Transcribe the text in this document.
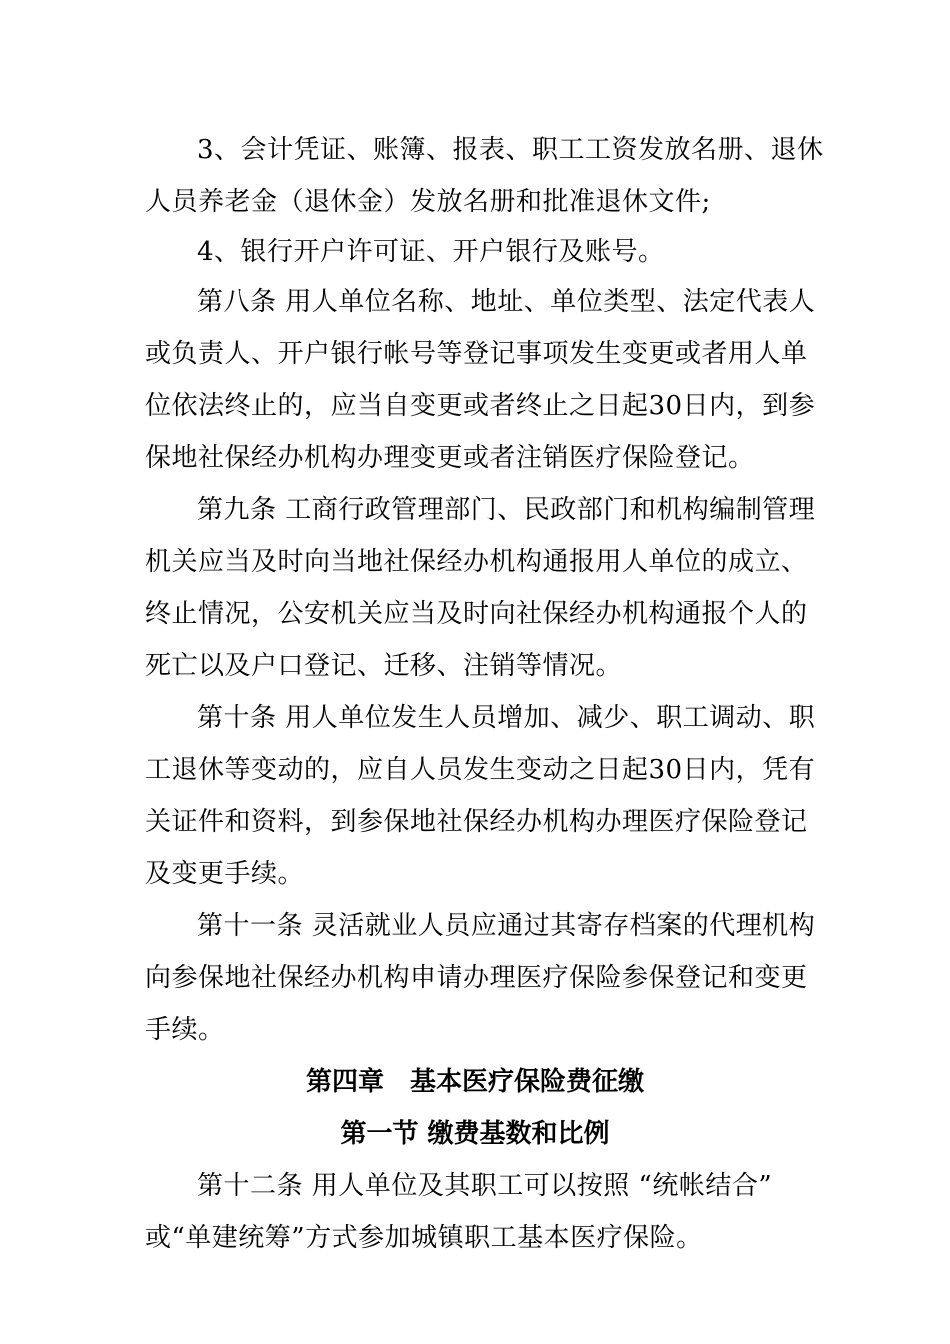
3、会计凭证、账簿、报表、职工工资发放名册、退休
人员养老金（退休金）发放名册和批准退休文件;
4、银行开户许可证、开户银行及账号。
第八条 用人单位名称、地址、单位类型、法定代表人
或负责人、开户银行帐号等登记事项发生变更或者用人单
位依法终止的，应当自变更或者终止之日起30日内，到参
保地社保经办机构办理变更或者注销医疗保险登记。
第九条 工商行政管理部门、民政部门和机构编制管理
机关应当及时向当地社保经办机构通报用人单位的成立、
终止情况，公安机关应当及时向社保经办机构通报个人的
死亡以及户口登记、迁移、注销等情况。
第十条 用人单位发生人员增加、减少、职工调动、职
工退休等变动的，应自人员发生变动之日起30日内，凭有
关证件和资料，到参保地社保经办机构办理医疗保险登记
及变更手续。
第十一条 灵活就业人员应通过其寄存档案的代理机构
向参保地社保经办机构申请办理医疗保险参保登记和变更
手续。
第四章　基本医疗保险费征缴
第一节 缴费基数和比例
第十二条 用人单位及其职工可以按照 “统帐结合”
或“单建统筹”方式参加城镇职工基本医疗保险。
